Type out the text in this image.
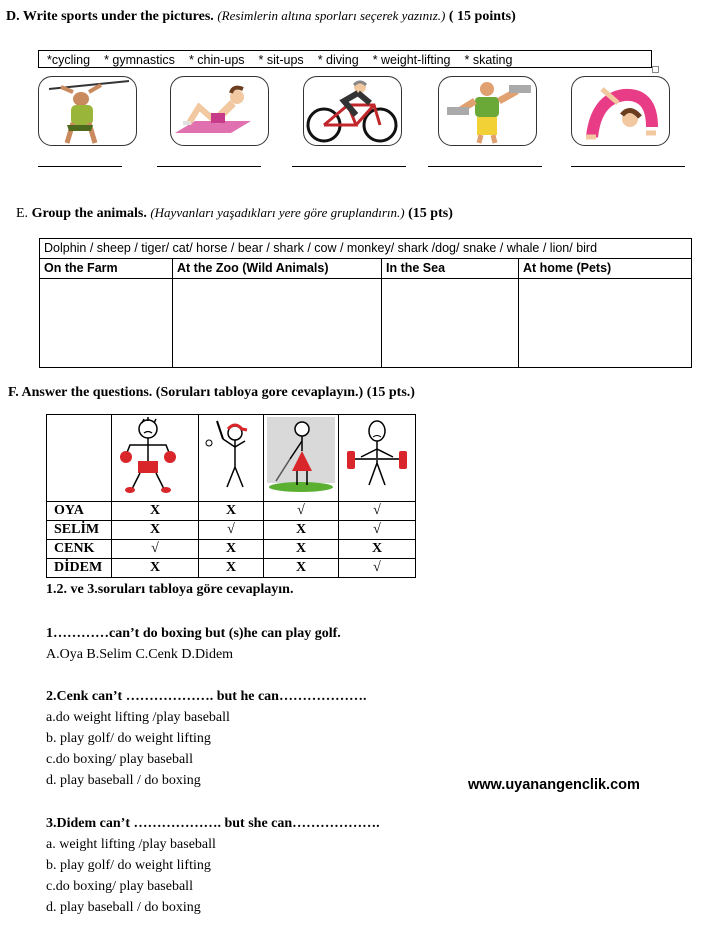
D. Write sports under the pictures. (Resimlerin altına sporları seçerek yazınız.) ( 15 points)
*cycling * gymnastics * chin-ups * sit-ups * diving * weight-lifting * skating
E. Group the animals. (Hayvanları yaşadıkları yere göre gruplandırın.) (15 pts)
Dolphin / sheep / tiger/ cat/ horse / bear / shark / cow / monkey/ shark /dog/ snake / whale / lion/ bird			
On the Farm	At the Zoo (Wild Animals)	In the Sea	At home (Pets)

F. Answer the questions. (Soruları tabloya gore cevaplayın.) (15 pts.)

OYA	X	X	√	√
SELİM	X	√	X	√
CENK	√	X	X	X
DİDEM	X	X	X	√
1.2. ve 3.soruları tabloya göre cevaplayın.
1…………can’t do boxing but (s)he can play golf.
A.Oya B.Selim C.Cenk D.Didem
2.Cenk can’t ………………. but he can……………….
a.do weight lifting /play baseball
b. play golf/ do weight lifting
c.do boxing/ play baseball
d. play baseball / do boxing	www.uyanangenclik.com
3.Didem can’t ………………. but she can……………….
a. weight lifting /play baseball
b. play golf/ do weight lifting
c.do boxing/ play baseball
d. play baseball / do boxing
